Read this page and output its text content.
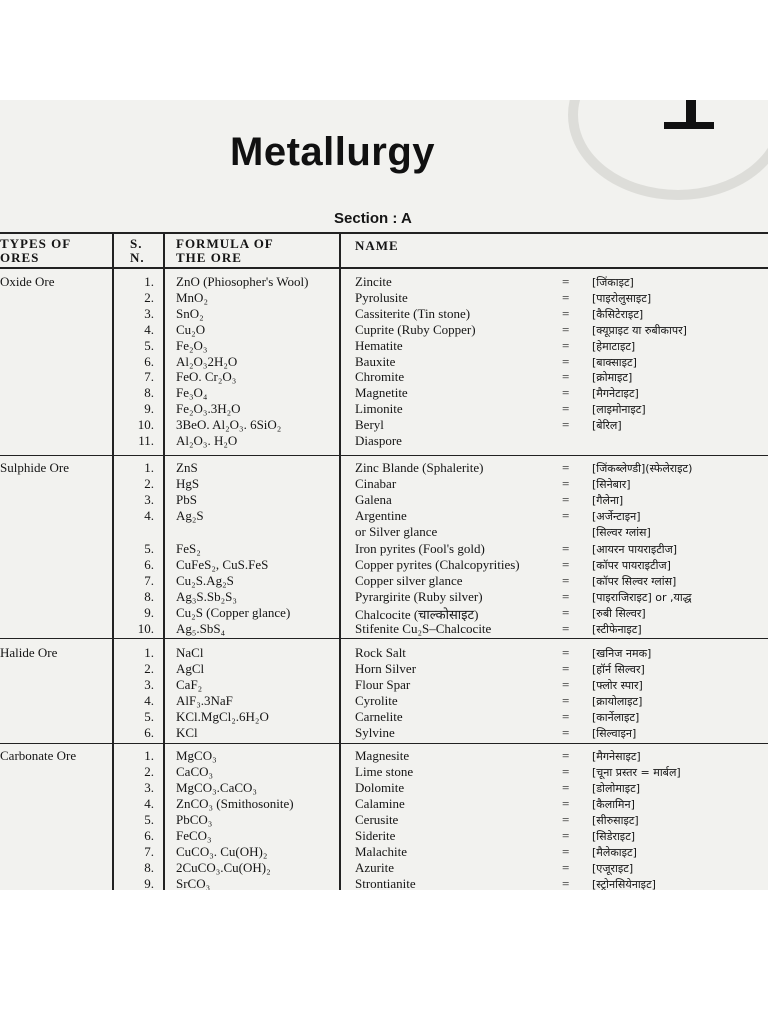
Metallurgy
Section : A
TYPES OF
ORES
S.
N.
FORMULA OF
THE ORE
NAME
Oxide Ore	1. ZnO (Phiosopher's Wool)	Zincite	= [जिंकाइट]
2. MnO₂	Pyrolusite	= [पाइरोलुसाइट]
3. SnO₂	Cassiterite (Tin stone)	= [कैसिटेराइट]
4. Cu₂O	Cuprite (Ruby Copper)	= [क्यूप्राइट या रुबीकापर]
5. Fe₂O₃	Hematite	= [हेमाटाइट]
6. Al₂O₃2H₂O	Bauxite	= [बाक्साइट]
7. FeO. Cr₂O₃	Chromite	= [क्रोमाइट]
8. Fe₃O₄	Magnetite	= [मैगनेटाइट]
9. Fe₂O₃.3H₂O	Limonite	= [लाइमोनाइट]
10. 3BeO. Al₂O₃. 6SiO₂	Beryl	= [बेरिल]
11. Al₂O₃. H₂O	Diaspore
Sulphide Ore	1. ZnS	Zinc Blande (Sphalerite)	= [जिंकब्लेण्डी](स्फेलेराइट)
2. HgS	Cinabar	= [सिनेबार]
3. PbS	Galena	= [गैलेना]
4. Ag₂S	Argentine	= [अर्जेन्टाइन]
or Silver glance	[सिल्वर ग्लांस]
5. FeS₂	Iron pyrites (Fool's gold)	= [आयरन पायराइटीज]
6. CuFeS₂, CuS.FeS	Copper pyrites (Chalcopyrities)	= [कॉपर पायराइटीज]
7. Cu₂S.Ag₂S	Copper silver glance	= [कॉपर सिल्वर ग्लांस]
8. Ag₃S.Sb₂S₃	Pyrargirite (Ruby silver)	= [पाइराजिराइट] or ,याद्ध
9. Cu₂S (Copper glance)	Chalcocite (चाल्कोसाइट)	= [रुबी सिल्वर]
10. Ag₅.SbS₄	Stifenite Cu₂S–Chalcocite	= [स्टीफेनाइट]
Halide Ore	1. NaCl	Rock Salt	= [खनिज नमक]
2. AgCl	Horn Silver	= [हॉर्न सिल्वर]
3. CaF₂	Flour Spar	= [फ्लोर स्पार]
4. AlF₃.3NaF	Cyrolite	= [क्रायोलाइट]
5. KCl.MgCl₂.6H₂O	Carnelite	= [कार्नेलाइट]
6. KCl	Sylvine	= [सिल्वाइन]
Carbonate Ore	1. MgCO₃	Magnesite	= [मैगनेसाइट]
2. CaCO₃	Lime stone	= [चूना प्रस्तर = मार्बल]
3. MgCO₃.CaCO₃	Dolomite	= [डोलोमाइट]
4. ZnCO₃ (Smithosonite)	Calamine	= [कैलामिन]
5. PbCO₃	Cerusite	= [सीरुसाइट]
6. FeCO₃	Siderite	= [सिडेराइट]
7. CuCO₃. Cu(OH)₂	Malachite	= [मैलेकाइट]
8. 2CuCO₃.Cu(OH)₂	Azurite	= [एजूराइट]
9. SrCO₃	Strontianite	= [स्ट्रोनसियेनाइट]
